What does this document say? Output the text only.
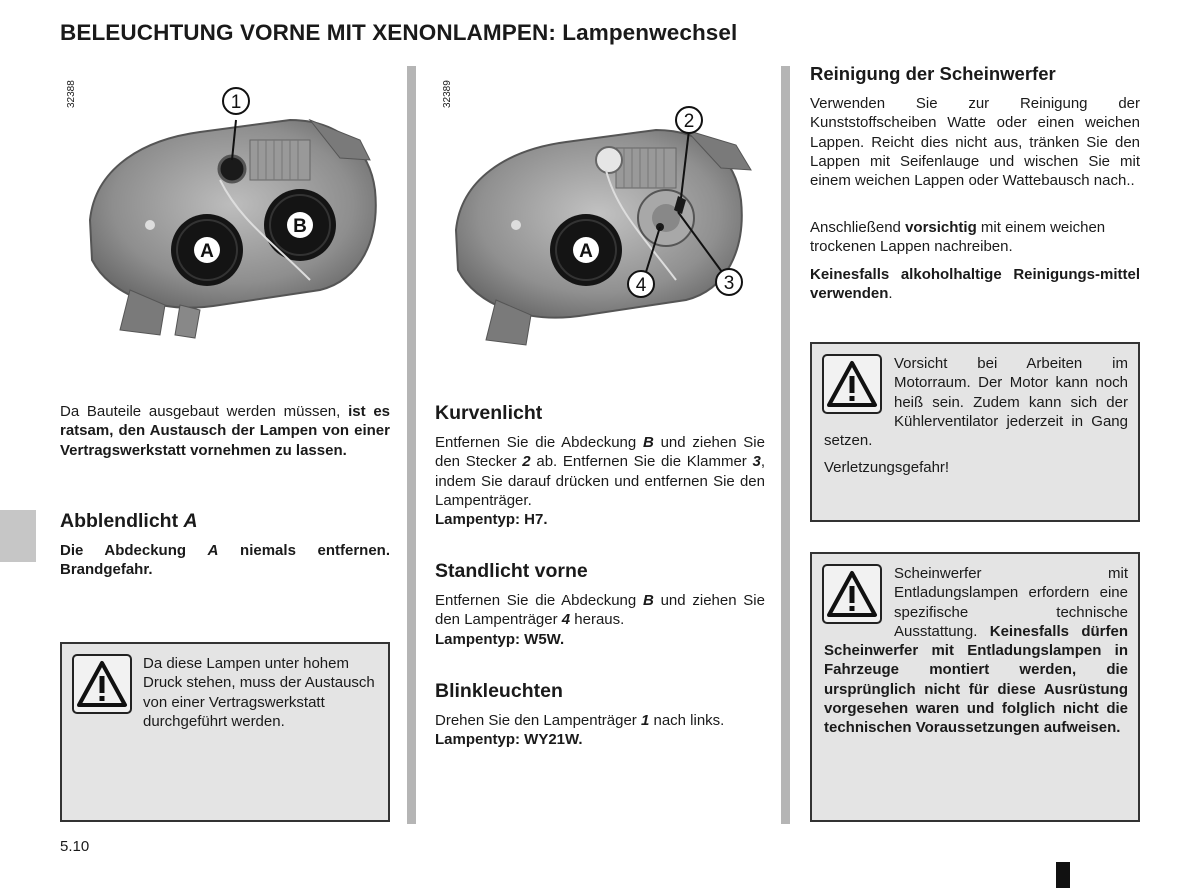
BELEUCHTUNG VORNE MIT XENONLAMPEN: Lampenwechsel
32388	1
A
B
32389
2
3
4
A

Da Bauteile ausgebaut werden müssen, ist es ratsam, den Austausch der Lampen von einer Vertragswerkstatt vornehmen zu lassen.

Abblendlicht A

Die Abdeckung A niemals entfernen. Brandgefahr.

Da diese Lampen unter hohem Druck stehen, muss der Austausch von einer Vertragswerkstatt durchgeführt werden.

5.10
Kurvenlicht

Entfernen Sie die Abdeckung B und ziehen Sie den Stecker 2 ab. Entfernen Sie die Klammer 3, indem Sie darauf drücken und entfernen Sie den Lampenträger.
Lampentyp: H7.

Standlicht vorne

Entfernen Sie die Abdeckung B und ziehen Sie den Lampenträger 4 heraus.
Lampentyp: W5W.

Blinkleuchten

Drehen Sie den Lampenträger 1 nach links.
Lampentyp: WY21W.

Reinigung der Scheinwerfer

Verwenden Sie zur Reinigung der Kunststoffscheiben Watte oder einen weichen Lappen. Reicht dies nicht aus, tränken Sie den Lappen mit Seifenlauge und wischen Sie mit einem weichen Lappen oder Wattebausch nach..

Anschließend vorsichtig mit einem weichen trockenen Lappen nachreiben.

Keinesfalls alkoholhaltige Reinigungs-mittel verwenden.

Vorsicht bei Arbeiten im Motorraum. Der Motor kann noch heiß sein. Zudem kann sich der Kühlerventilator jederzeit in Gang setzen.

Verletzungsgefahr!

Scheinwerfer mit Entladungslampen erfordern eine spezifische technische Ausstattung. Keinesfalls dürfen Scheinwerfer mit Entladungslampen in Fahrzeuge montiert werden, die ursprünglich nicht für diese Ausrüstung vorgesehen waren und folglich nicht die technischen Voraussetzungen aufweisen.
